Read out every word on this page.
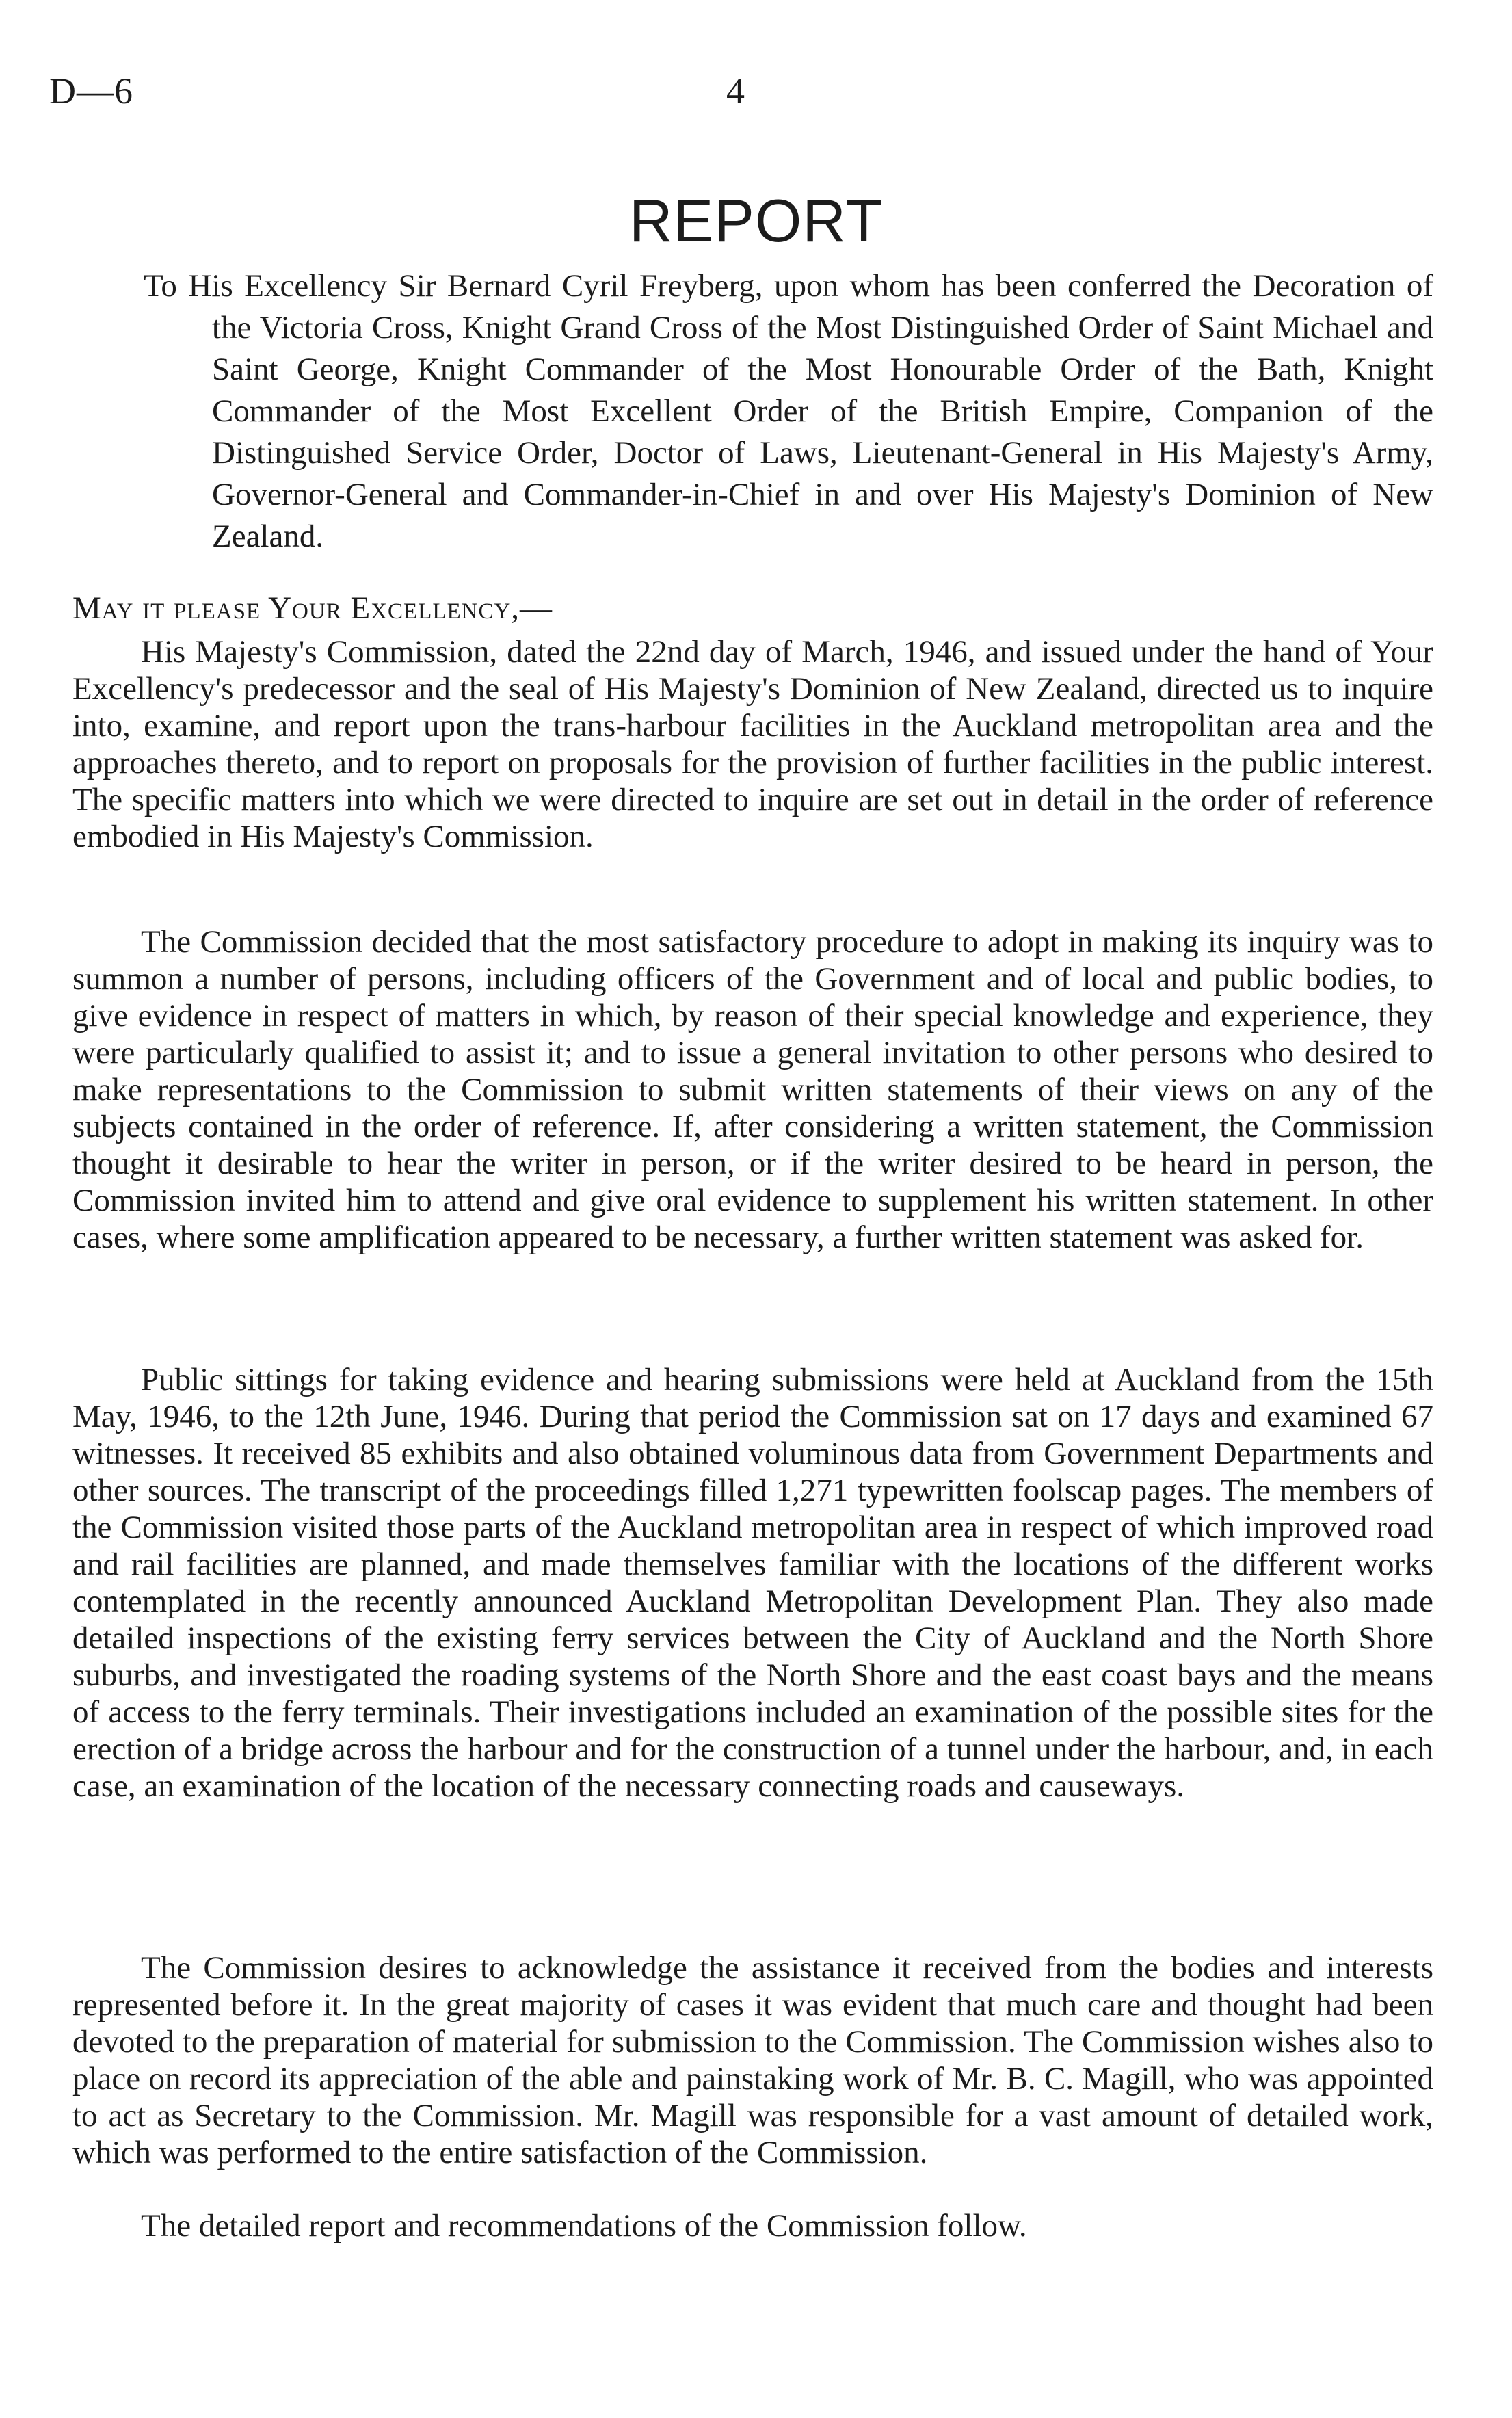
D—6	4
REPORT

To His Excellency Sir Bernard Cyril Freyberg, upon whom has been conferred the Decoration of the Victoria Cross, Knight Grand Cross of the Most Distinguished Order of Saint Michael and Saint George, Knight Commander of the Most Honourable Order of the Bath, Knight Commander of the Most Excellent Order of the British Empire, Companion of the Distinguished Service Order, Doctor of Laws, Lieutenant-General in His Majesty's Army, Governor-General and Commander-in-Chief in and over His Majesty's Dominion of New Zealand.

May it please Your Excellency,—

His Majesty's Commission, dated the 22nd day of March, 1946, and issued under the hand of Your Excellency's predecessor and the seal of His Majesty's Dominion of New Zealand, directed us to inquire into, examine, and report upon the trans-harbour facilities in the Auckland metropolitan area and the approaches thereto, and to report on proposals for the provision of further facilities in the public interest. The specific matters into which we were directed to inquire are set out in detail in the order of reference embodied in His Majesty's Commission.

The Commission decided that the most satisfactory procedure to adopt in making its inquiry was to summon a number of persons, including officers of the Government and of local and public bodies, to give evidence in respect of matters in which, by reason of their special knowledge and experience, they were particularly qualified to assist it; and to issue a general invitation to other persons who desired to make representations to the Commission to submit written statements of their views on any of the subjects contained in the order of reference. If, after considering a written statement, the Commission thought it desirable to hear the writer in person, or if the writer desired to be heard in person, the Commission invited him to attend and give oral evidence to supplement his written statement. In other cases, where some amplification appeared to be necessary, a further written statement was asked for.

Public sittings for taking evidence and hearing submissions were held at Auckland from the 15th May, 1946, to the 12th June, 1946. During that period the Commission sat on 17 days and examined 67 witnesses. It received 85 exhibits and also obtained voluminous data from Government Departments and other sources. The transcript of the proceedings filled 1,271 typewritten foolscap pages. The members of the Commission visited those parts of the Auckland metropolitan area in respect of which improved road and rail facilities are planned, and made themselves familiar with the locations of the different works contemplated in the recently announced Auckland Metropolitan Development Plan. They also made detailed inspections of the existing ferry services between the City of Auckland and the North Shore suburbs, and investigated the roading systems of the North Shore and the east coast bays and the means of access to the ferry terminals. Their investigations included an examination of the possible sites for the erection of a bridge across the harbour and for the construction of a tunnel under the harbour, and, in each case, an examination of the location of the necessary connecting roads and causeways.

The Commission desires to acknowledge the assistance it received from the bodies and interests represented before it. In the great majority of cases it was evident that much care and thought had been devoted to the preparation of material for submission to the Commission. The Commission wishes also to place on record its appreciation of the able and painstaking work of Mr. B. C. Magill, who was appointed to act as Secretary to the Commission. Mr. Magill was responsible for a vast amount of detailed work, which was performed to the entire satisfaction of the Commission.

The detailed report and recommendations of the Commission follow.
